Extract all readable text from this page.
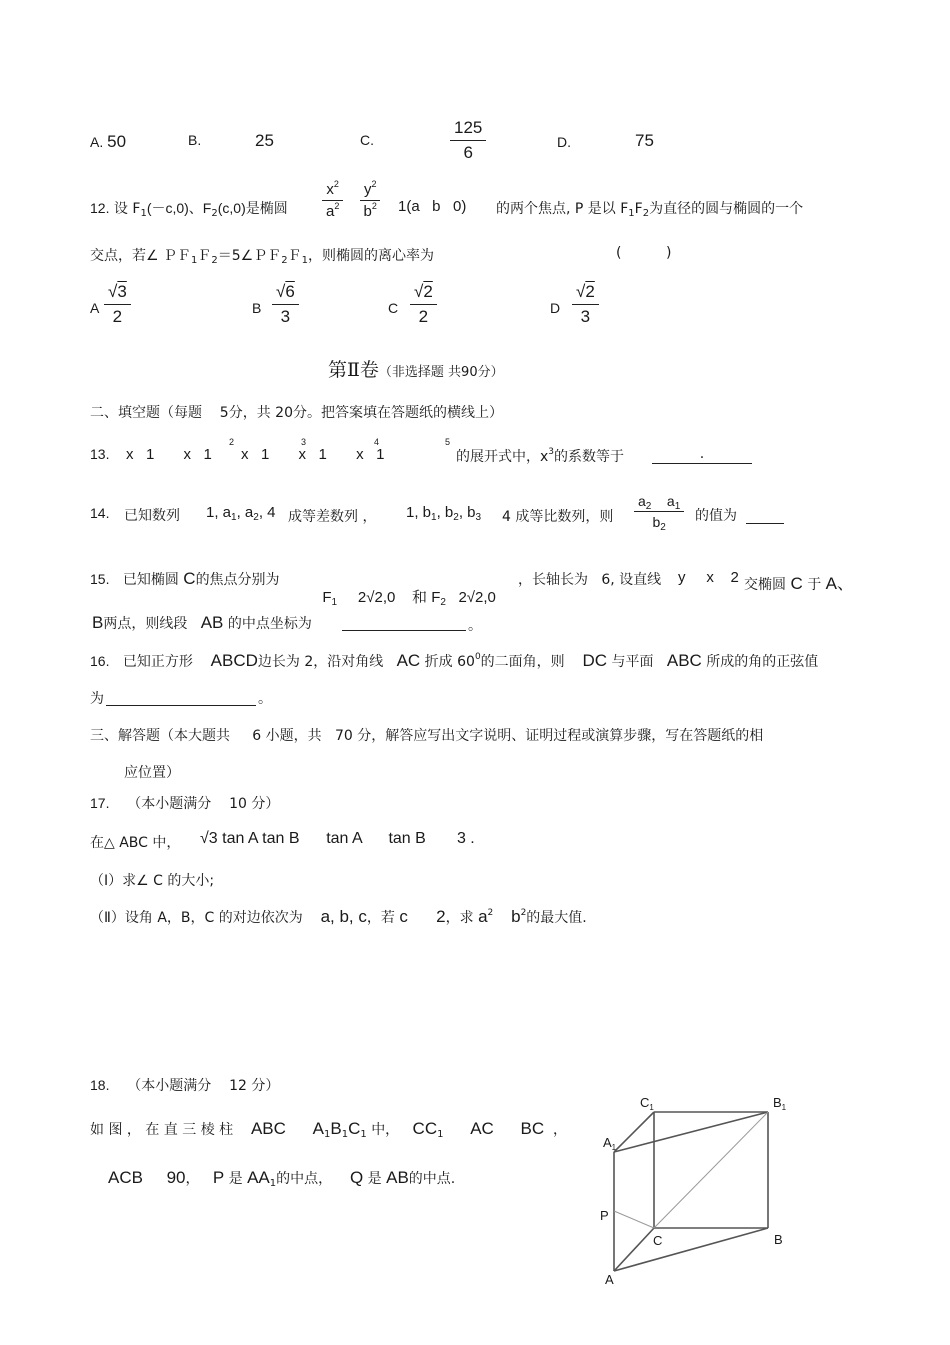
A. 50	B.	25	C.	$\frac{125}{6}$	D.	75
12. 设 $F_1(-c,0)$、$F_2(c,0)$是椭圆 $\frac{x^2}{a^2}$
$\frac{y^2}{b^2} 1(a$   b   0) 的两个焦点, P 是以 $F_1F_2$为直径的圆与椭圆的一个
交点，若∠ ＰＦ$_1$Ｆ$_2$＝5∠ＰＦ$_2$Ｆ$_1$，则椭圆的离心率为	(          )
A $\frac{√3}{2}$	B $\frac{√6}{3}$	C $\frac{√2}{2}$	D $\frac{√2}{3}$
第Ⅱ卷（非选择题 共90分）
二、填空题（每题    5分，共 20分。把答案填在答题纸的横线上）
13. x   1       x   1       x   1       x   1       x   1
2	3	4	5
的展开式中，$x^3$的系数等于	.
14. 已知数列 1, $a_1$, $a_2$, 4 成等差数列 ， 1, $b_1$, $b_2$, $b_3$ 4 成等比数列，则 $\frac{a_2 a_1}{b_2}$ 的值为
15. 已知椭圆 C的焦点分别为

$F_1$ 2√2,0 和 $F_2$ 2√2,0

，长轴长为   6, 设直线 y     x    2 交椭圆 C 于 A、
B两点，则线段 AB 的中点坐标为	。
16. 已知正方形 ABCD边长为 2，沿对角线 AC 折成 $60^0$的二面角，则 DC 与平面 ABC 所成的角的正弦值
为	。
三、解答题（本大题共     6 小题，共   70 分，解答应写出文字说明、证明过程或演算步骤，写在答题纸的相
应位置）
17. （本小题满分    10 分）
在△ ABC 中， √3 tan A tan B      tan A      tan B       3 .
（Ⅰ）求∠ C 的大小;
（Ⅱ）设角 A，B，C 的对边依次为 a, b, c，若 c      2，求 $a^2$ $b^2$的最大值.
18. （本小题满分    12 分）
如 图 ， 在 直 三 棱 柱 ABC $A_1B_1C_1$ 中， $CC_1$ AC BC ，
ACB     90， P 是 $AA_1$的中点， Q 是 AB的中点.
$C_1$	$B_1$
$A_1$
P
C	B
A
